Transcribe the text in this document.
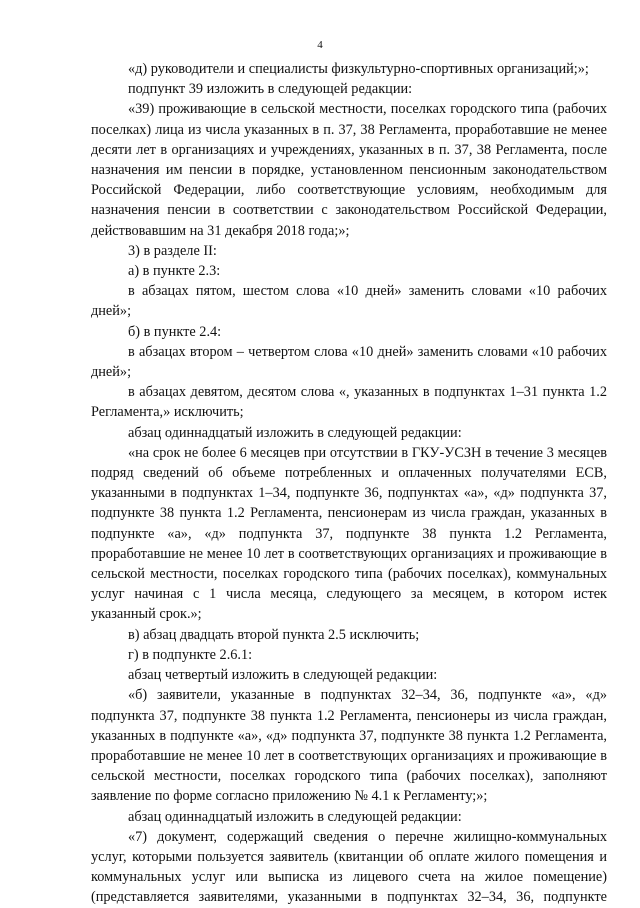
4

«д) руководители и специалисты физкультурно-спортивных организаций;»;

подпункт 39 изложить в следующей редакции:

«39) проживающие в сельской местности, поселках городского типа (рабочих поселках) лица из числа указанных в п. 37, 38 Регламента, проработавшие не менее десяти лет в организациях и учреждениях, указанных в п. 37, 38 Регламента, после назначения им пенсии в порядке, установленном пенсионным законодательством Российской Федерации, либо соответствующие условиям, необходимым для назначения пенсии в соответствии с законодательством Российской Федерации, действовавшим на 31 декабря 2018 года;»;

3) в разделе II:

а) в пункте 2.3:

в абзацах пятом, шестом слова «10 дней» заменить словами «10 рабочих дней»;

б) в пункте 2.4:

в абзацах втором – четвертом слова «10 дней» заменить словами «10 рабочих дней»;

в абзацах девятом, десятом слова «, указанных в подпунктах 1–31 пункта 1.2 Регламента,» исключить;

абзац одиннадцатый изложить в следующей редакции:

«на срок не более 6 месяцев при отсутствии в ГКУ-УСЗН в течение 3 месяцев подряд сведений об объеме потребленных и оплаченных получателями ЕСВ, указанными в подпунктах 1–34, подпункте 36, подпунктах «а», «д» подпункта 37, подпункте 38 пункта 1.2 Регламента, пенсионерам из числа граждан, указанных в подпункте «а», «д» подпункта 37, подпункте 38 пункта 1.2 Регламента, проработавшие не менее 10 лет в соответствующих организациях и проживающие в сельской местности, поселках городского типа (рабочих поселках), коммунальных услуг начиная с 1 числа месяца, следующего за месяцем, в котором истек указанный срок.»;

в) абзац двадцать второй пункта 2.5 исключить;

г) в подпункте 2.6.1:

абзац четвертый изложить в следующей редакции:

«б) заявители, указанные в подпунктах 32–34, 36, подпункте «а», «д» подпункта 37, подпункте 38 пункта 1.2 Регламента, пенсионеры из числа граждан, указанных в подпункте «а», «д» подпункта 37, подпункте 38 пункта 1.2 Регламента, проработавшие не менее 10 лет в соответствующих организациях и проживающие в сельской местности, поселках городского типа (рабочих поселках), заполняют заявление по форме согласно приложению № 4.1 к Регламенту;»;

абзац одиннадцатый изложить в следующей редакции:

«7) документ, содержащий сведения о перечне жилищно-коммунальных услуг, которыми пользуется заявитель (квитанции об оплате жилого помещения и коммунальных услуг или выписка из лицевого счета на жилое помещение) (представляется заявителями, указанными в подпунктах 32–34, 36, подпункте
